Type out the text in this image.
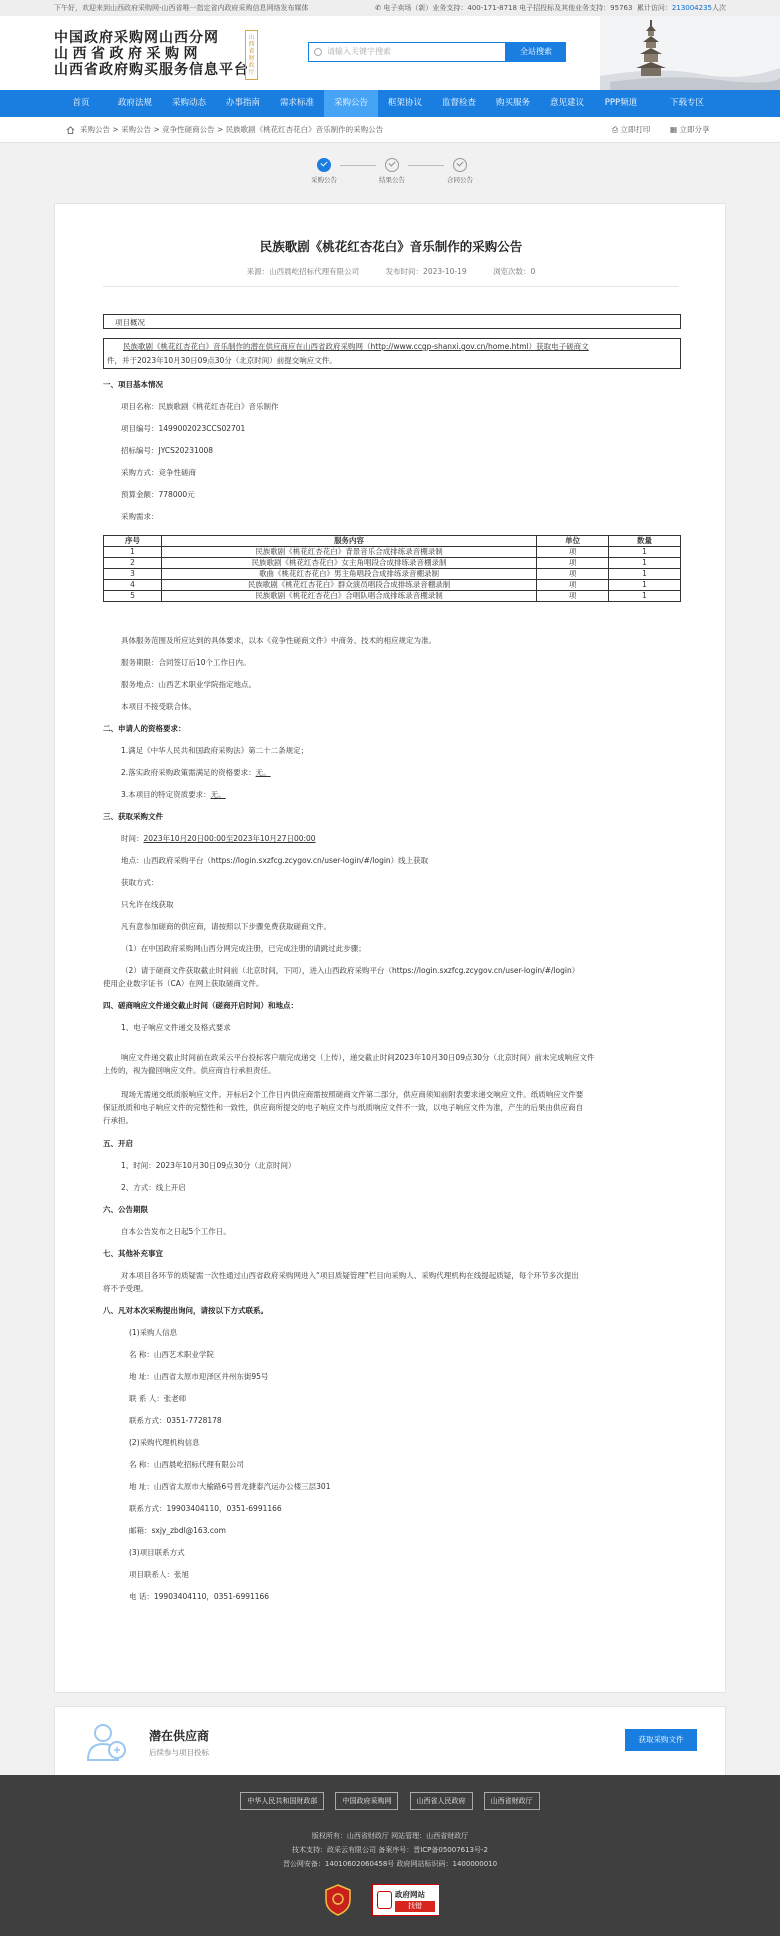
下午好，欢迎来到山西政府采购网-山西省唯一指定省内政府采购信息网络发布媒体	✆ 电子卖场（新）业务支持：400-171-8718 电子招投标及其他业务支持：95763 累计访问：213004235人次
中国政府采购网山西分网
山西省政府采购网
山西省政府购买服务信息平台
山西省财政厅
请输入关键字搜索	全站搜索
首页	政府法规	采购动态	办事指南	需求标准	采购公告	框架协议	监督检查	购买服务	意见建议	PPP频道	下载专区
采购公告 > 采购公告 > 竞争性磋商公告 > 民族歌剧《桃花红杏花白》音乐制作的采购公告	⎙ 立即打印	▦ 立即分享
采购公告	结果公告	合同公告
民族歌剧《桃花红杏花白》音乐制作的采购公告
来源：山西晨屹招标代理有限公司	发布时间：2023-10-19	浏览次数：0
项目概况
民族歌剧《桃花红杏花白》音乐制作的潜在供应商应在山西省政府采购网（http://www.ccgp-shanxi.gov.cn/home.html）获取电子磋商文
件，并于2023年10月30日09点30分（北京时间）前提交响应文件。
一、项目基本情况
项目名称：民族歌剧《桃花红杏花白》音乐制作
项目编号：1499002023CCS02701
招标编号：JYCS20231008
采购方式：竞争性磋商
预算金额：778000元
采购需求：
序号	服务内容	单位	数量
1	民族歌剧《桃花红杏花白》背景音乐合成排练录音棚录制	项	1
2	民族歌剧《桃花红杏花白》女主角唱段合成排练录音棚录制	项	1
3	歌曲《桃花红杏花白》男主角唱段合成排练录音棚录制	项	1
4	民族歌剧《桃花红杏花白》群众演员唱段合成排练录音棚录制	项	1
5	民族歌剧《桃花红杏花白》合唱队唱合成排练录音棚录制	项	1
具体服务范围及所应达到的具体要求，以本《竞争性磋商文件》中商务、技术的相应规定为准。
服务期限：合同签订后10个工作日内。
服务地点：山西艺术职业学院指定地点。
本项目不接受联合体。
二、申请人的资格要求：
1.满足《中华人民共和国政府采购法》第二十二条规定；
2.落实政府采购政策需满足的资格要求：无。
3.本项目的特定资质要求：无。
三、获取采购文件
时间：2023年10月20日00:00至2023年10月27日00:00
地点：山西政府采购平台（https://login.sxzfcg.zcygov.cn/user-login/#/login）线上获取
获取方式：
只允许在线获取
凡有意参加磋商的供应商，请按照以下步骤免费获取磋商文件。
（1）在中国政府采购网山西分网完成注册，已完成注册的请跳过此步骤；
（2）请于磋商文件获取截止时间前（北京时间，下同），进入山西政府采购平台（https://login.sxzfcg.zcygov.cn/user-login/#/login）
使用企业数字证书（CA）在网上获取磋商文件。
四、磋商响应文件递交截止时间（磋商开启时间）和地点：
1、电子响应文件递交及格式要求
响应文件递交截止时间前在政采云平台投标客户端完成递交（上传），递交截止时间2023年10月30日09点30分（北京时间）前未完成响应文件
上传的，视为撤回响应文件。供应商自行承担责任。
现场无需递交纸质版响应文件。开标后2个工作日内供应商需按照磋商文件第二部分，供应商须知前附表要求递交响应文件。纸质响应文件要
保证纸质和电子响应文件的完整性和一致性，供应商所提交的电子响应文件与纸质响应文件不一致，以电子响应文件为准，产生的后果由供应商自
行承担。
五、开启
1、时间：2023年10月30日09点30分（北京时间）
2、方式：线上开启
六、公告期限
自本公告发布之日起5个工作日。
七、其他补充事宜
对本项目各环节的质疑需一次性通过山西省政府采购网进入“项目质疑管理”栏目向采购人、采购代理机构在线提起质疑，每个环节多次提出
将不予受理。
八、凡对本次采购提出询问，请按以下方式联系。
(1)采购人信息
名 称：山西艺术职业学院
地 址：山西省太原市迎泽区并州东街95号
联 系 人：张老师
联系方式：0351-7728178
(2)采购代理机构信息
名 称：山西晨屹招标代理有限公司
地 址：山西省太原市大榆路6号晋龙捷泰汽运办公楼三层301
联系方式：19903404110，0351-6991166
邮箱：sxjy_zbdl@163.com
(3)项目联系方式
项目联系人：张旭
电 话：19903404110，0351-6991166
潜在供应商
后续参与项目投标
获取采购文件
中华人民共和国财政部	中国政府采购网	山西省人民政府	山西省财政厅
版权所有：山西省财政厅 网站管理：山西省财政厅
技术支持：政采云有限公司 备案序号：晋ICP备05007613号-2
晋公网安备：14010602060458号 政府网站标识码：1400000010
政府网站
找错
